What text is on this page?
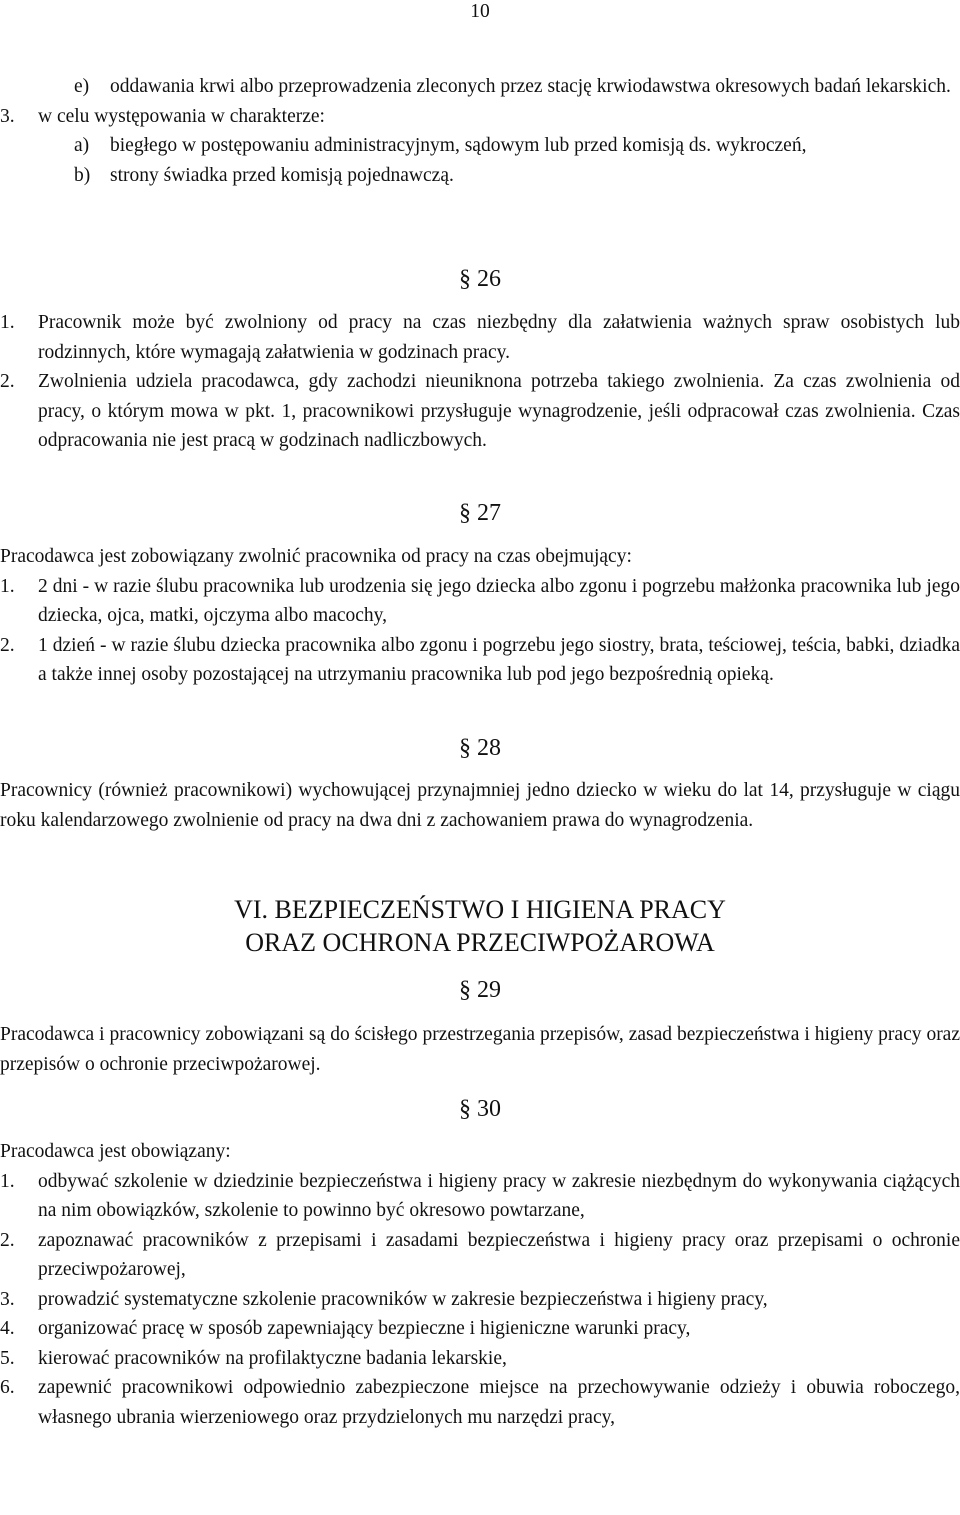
10
e)	oddawania krwi albo przeprowadzenia zleconych przez stację krwiodawstwa okresowych badań lekarskich.
3.	w celu występowania w charakterze:
a)	biegłego w postępowaniu administracyjnym, sądowym lub przed komisją ds. wykroczeń,
b)	strony świadka przed komisją pojednawczą.
§ 26
1.	Pracownik może być zwolniony od pracy na czas niezbędny dla załatwienia ważnych spraw osobistych lub rodzinnych, które wymagają załatwienia w godzinach pracy.
2.	Zwolnienia udziela pracodawca, gdy zachodzi nieuniknona potrzeba takiego zwolnienia. Za czas zwolnienia od pracy, o którym mowa w pkt. 1, pracownikowi przysługuje wynagrodzenie, jeśli odpracował czas zwolnienia. Czas odpracowania nie jest pracą w godzinach nadliczbowych.
§ 27
Pracodawca jest zobowiązany zwolnić pracownika od pracy na czas obejmujący:
1.	2 dni - w razie ślubu pracownika lub urodzenia się jego dziecka albo zgonu i pogrzebu małżonka pracownika lub jego dziecka, ojca, matki, ojczyma albo macochy,
2.	1 dzień - w razie ślubu dziecka pracownika albo zgonu i pogrzebu jego siostry, brata, teściowej, teścia, babki, dziadka a także innej osoby pozostającej na utrzymaniu pracownika lub pod jego bezpośrednią opieką.
§ 28
Pracownicy (również pracownikowi) wychowującej przynajmniej jedno dziecko w wieku do lat 14, przysługuje w ciągu roku kalendarzowego zwolnienie od pracy na dwa dni z zachowaniem prawa do wynagrodzenia.
VI. BEZPIECZEŃSTWO I HIGIENA PRACY
ORAZ OCHRONA PRZECIWPOŻAROWA
§ 29
Pracodawca i pracownicy zobowiązani są do ścisłego przestrzegania przepisów, zasad bezpieczeństwa i higieny pracy oraz przepisów o ochronie przeciwpożarowej.
§ 30
Pracodawca jest obowiązany:
1.	odbywać szkolenie w dziedzinie bezpieczeństwa i higieny pracy w zakresie niezbędnym do wykonywania ciążących na nim obowiązków, szkolenie to powinno być okresowo powtarzane,
2.	zapoznawać pracowników z przepisami i zasadami bezpieczeństwa i higieny pracy oraz przepisami o ochronie przeciwpożarowej,
3.	prowadzić systematyczne szkolenie pracowników w zakresie bezpieczeństwa i higieny pracy,
4.	organizować pracę w sposób zapewniający bezpieczne i higieniczne warunki pracy,
5.	kierować pracowników na profilaktyczne badania lekarskie,
6.	zapewnić pracownikowi odpowiednio zabezpieczone miejsce na przechowywanie odzieży i obuwia roboczego, własnego ubrania wierzeniowego oraz przydzielonych mu narzędzi pracy,
